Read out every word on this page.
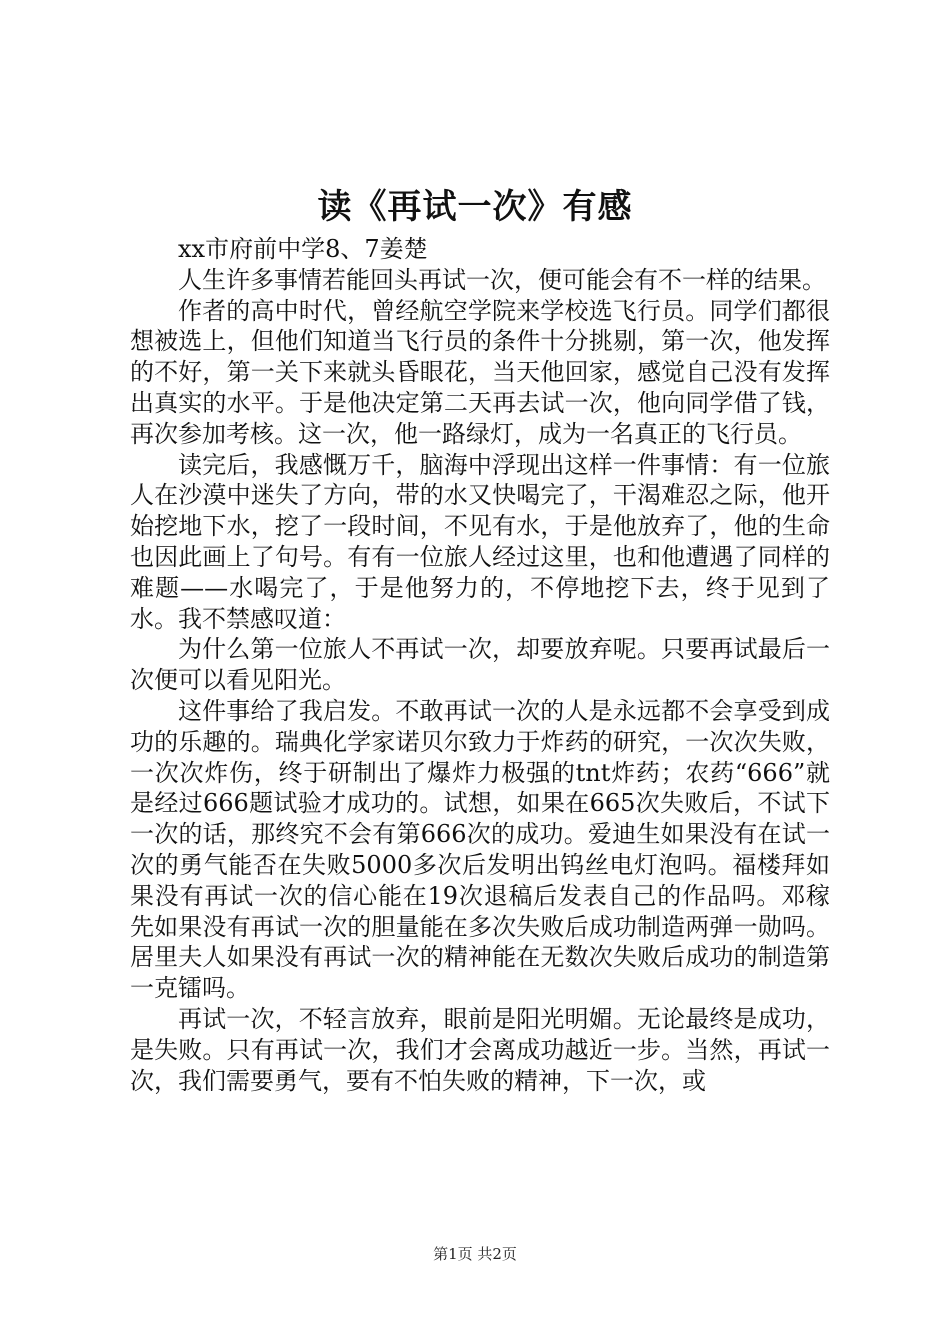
读《再试一次》有感

xx市府前中学8、7姜楚

人生许多事情若能回头再试一次，便可能会有不一样的结果。

作者的高中时代，曾经航空学院来学校选飞行员。同学们都很想被选上，但他们知道当飞行员的条件十分挑剔，第一次，他发挥的不好，第一关下来就头昏眼花，当天他回家，感觉自己没有发挥出真实的水平。于是他决定第二天再去试一次，他向同学借了钱，再次参加考核。这一次，他一路绿灯，成为一名真正的飞行员。

读完后，我感慨万千，脑海中浮现出这样一件事情：有一位旅人在沙漠中迷失了方向，带的水又快喝完了，干渴难忍之际，他开始挖地下水，挖了一段时间，不见有水，于是他放弃了，他的生命也因此画上了句号。有有一位旅人经过这里，也和他遭遇了同样的难题——水喝完了，于是他努力的，不停地挖下去，终于见到了水。我不禁感叹道：

为什么第一位旅人不再试一次，却要放弃呢。只要再试最后一次便可以看见阳光。

这件事给了我启发。不敢再试一次的人是永远都不会享受到成功的乐趣的。瑞典化学家诺贝尔致力于炸药的研究，一次次失败，一次次炸伤，终于研制出了爆炸力极强的tnt炸药；农药“666”就是经过666题试验才成功的。试想，如果在665次失败后，不试下一次的话，那终究不会有第666次的成功。爱迪生如果没有在试一次的勇气能否在失败5000多次后发明出钨丝电灯泡吗。福楼拜如果没有再试一次的信心能在19次退稿后发表自己的作品吗。邓稼先如果没有再试一次的胆量能在多次失败后成功制造两弹一勋吗。居里夫人如果没有再试一次的精神能在无数次失败后成功的制造第一克镭吗。

再试一次，不轻言放弃，眼前是阳光明媚。无论最终是成功，是失败。只有再试一次，我们才会离成功越近一步。当然，再试一次，我们需要勇气，要有不怕失败的精神，下一次，或

第1页 共2页
